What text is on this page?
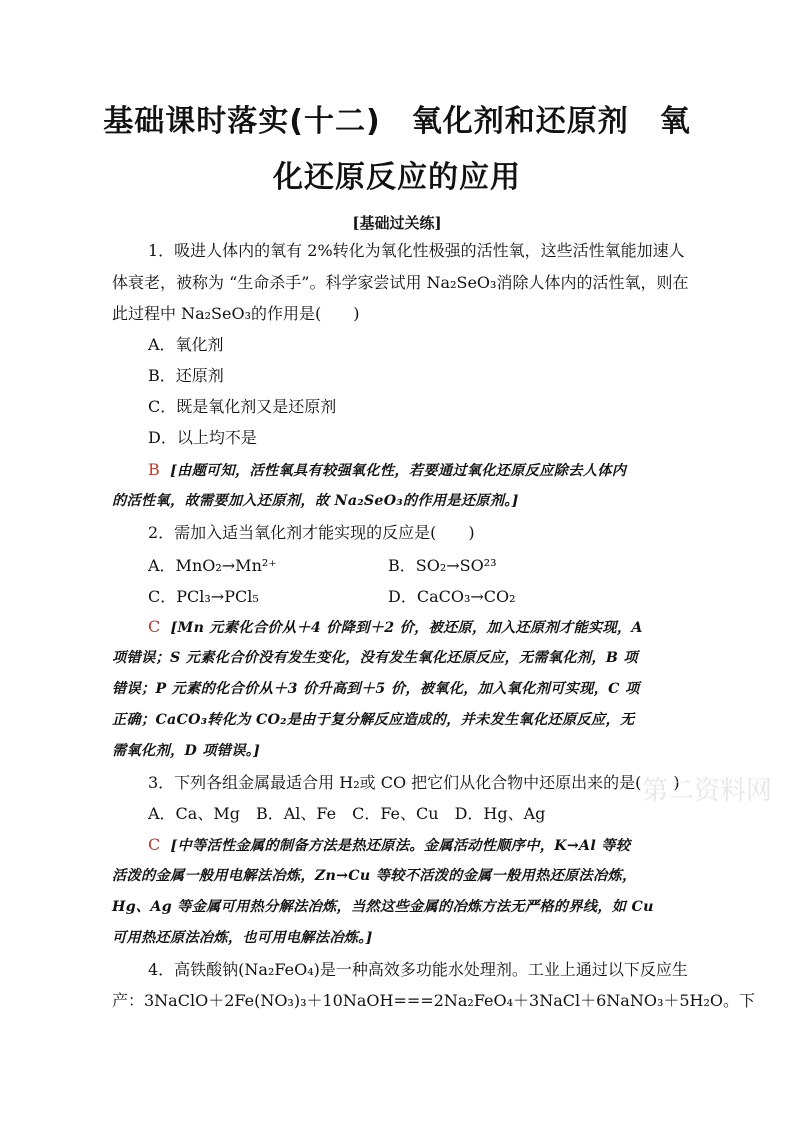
基础课时落实(十二)　氧化剂和还原剂　氧
化还原反应的应用
[基础过关练]
1．吸进人体内的氧有 2%转化为氧化性极强的活性氧，这些活性氧能加速人
体衰老，被称为 “生命杀手”。科学家尝试用 Na₂SeO₃消除人体内的活性氧，则在
此过程中 Na₂SeO₃的作用是(　　)
A．氧化剂
B．还原剂
C．既是氧化剂又是还原剂
D．以上均不是
B [由题可知，活性氧具有较强氧化性，若要通过氧化还原反应除去人体内
的活性氧，故需要加入还原剂，故 Na₂SeO₃的作用是还原剂。]
2．需加入适当氧化剂才能实现的反应是(　　)
A．MnO₂→Mn²⁺	B．SO₂→SO²³
C．PCl₃→PCl₅	D．CaCO₃→CO₂
C [Mn 元素化合价从＋4 价降到＋2 价，被还原，加入还原剂才能实现，A
项错误；S 元素化合价没有发生变化，没有发生氧化还原反应，无需氧化剂，B 项
错误；P 元素的化合价从＋3 价升高到＋5 价，被氧化，加入氧化剂可实现，C 项
正确；CaCO₃转化为 CO₂是由于复分解反应造成的，并未发生氧化还原反应，无
需氧化剂，D 项错误。]
3．下列各组金属最适合用 H₂或 CO 把它们从化合物中还原出来的是(　　)
A．Ca、Mg　B．Al、Fe　C．Fe、Cu　D．Hg、Ag
C [中等活性金属的制备方法是热还原法。金属活动性顺序中，K→Al 等较
活泼的金属一般用电解法冶炼，Zn→Cu 等较不活泼的金属一般用热还原法冶炼，
Hg、Ag 等金属可用热分解法冶炼，当然这些金属的冶炼方法无严格的界线，如 Cu
可用热还原法冶炼，也可用电解法冶炼。]
4．高铁酸钠(Na₂FeO₄)是一种高效多功能水处理剂。工业上通过以下反应生
产：3NaClO＋2Fe(NO₃)₃＋10NaOH===2Na₂FeO₄＋3NaCl＋6NaNO₃＋5H₂O。下
第二资料网
